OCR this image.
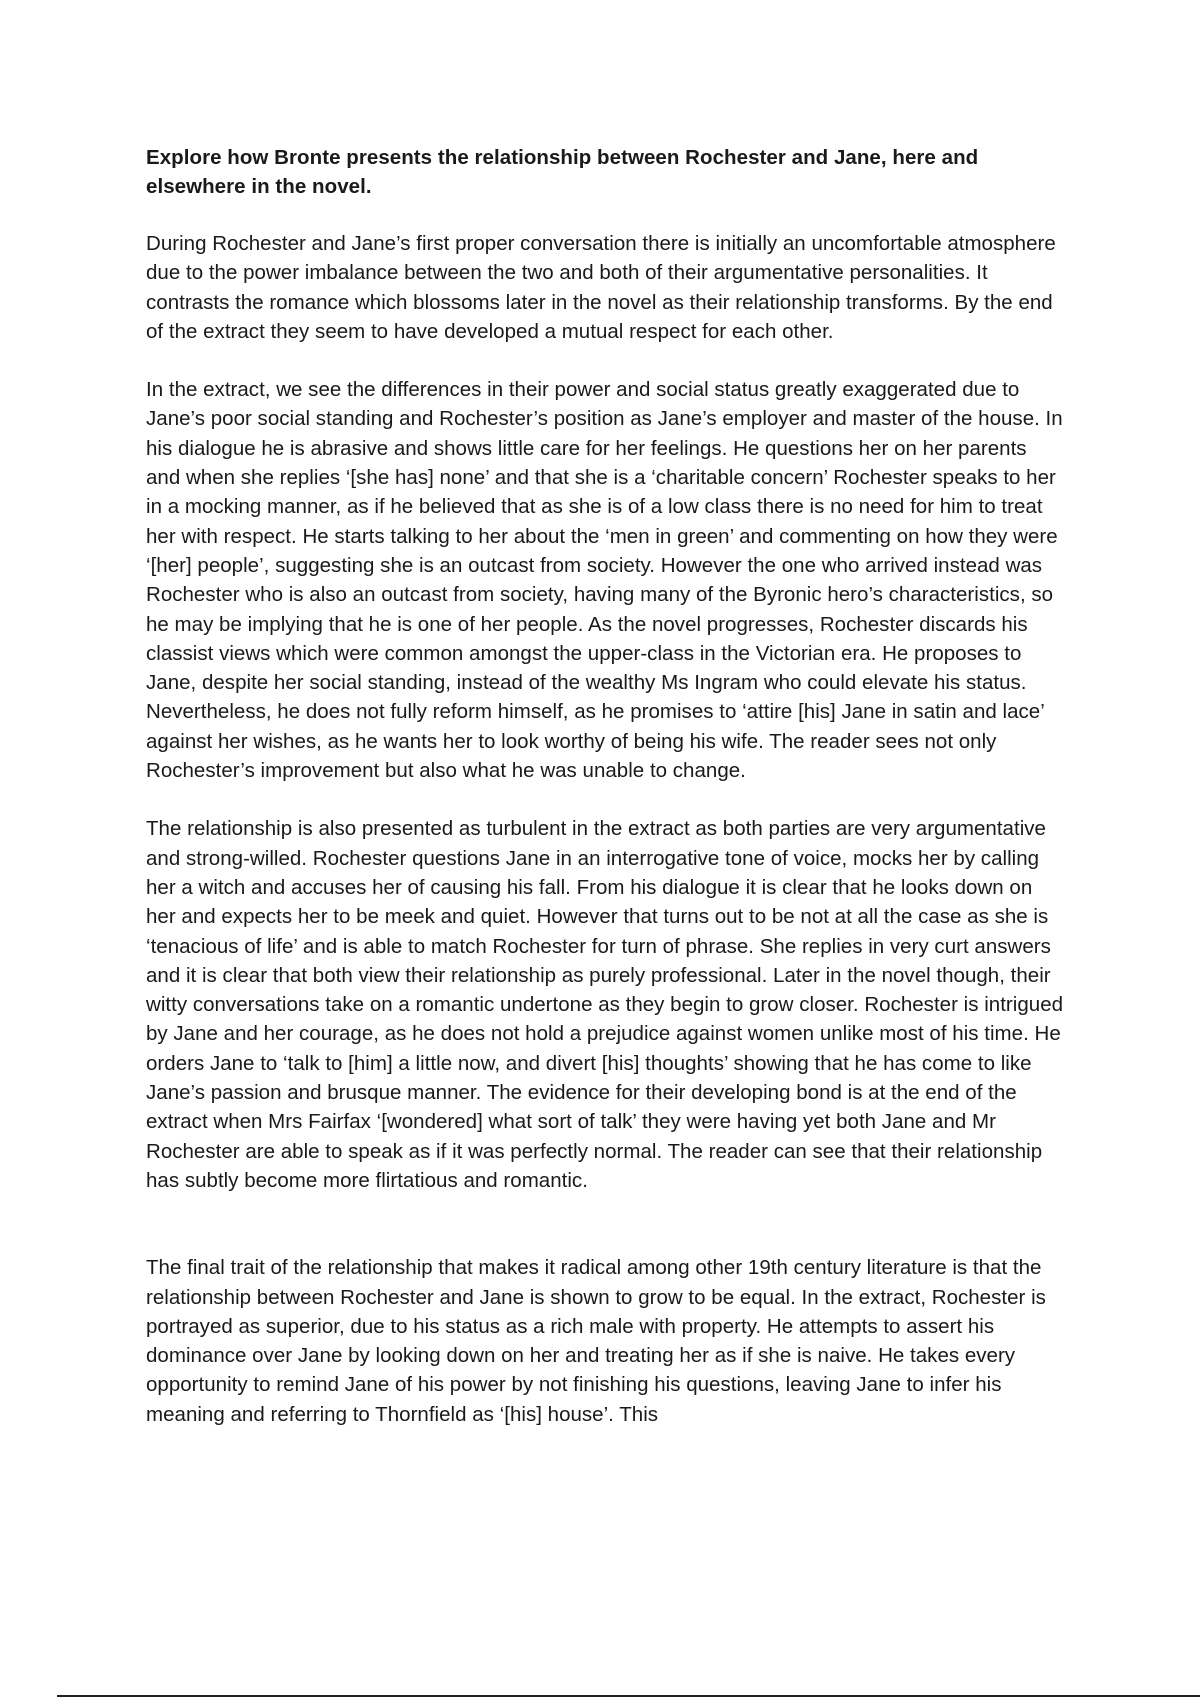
Explore how Bronte presents the relationship between Rochester and Jane, here and elsewhere in the novel.

During Rochester and Jane’s first proper conversation there is initially an uncomfortable atmosphere due to the power imbalance between the two and both of their argumentative personalities. It contrasts the romance which blossoms later in the novel as their relationship transforms. By the end of the extract they seem to have developed a mutual respect for each other.

In the extract, we see the differences in their power and social status greatly exaggerated due to Jane’s poor social standing and Rochester’s position as Jane’s employer and master of the house. In his dialogue he is abrasive and shows little care for her feelings. He questions her on her parents and when she replies ‘[she has] none’ and that she is a ‘charitable concern’ Rochester speaks to her in a mocking manner, as if he believed that as she is of a low class there is no need for him to treat her with respect. He starts talking to her about the ‘men in green’ and commenting on how they were ‘[her] people’, suggesting she is an outcast from society. However the one who arrived instead was Rochester who is also an outcast from society, having many of the Byronic hero’s characteristics, so he may be implying that he is one of her people. As the novel progresses, Rochester discards his classist views which were common amongst the upper-class in the Victorian era. He proposes to Jane, despite her social standing, instead of the wealthy Ms Ingram who could elevate his status. Nevertheless, he does not fully reform himself, as he promises to ‘attire [his] Jane in satin and lace’ against her wishes, as he wants her to look worthy of being his wife. The reader sees not only Rochester’s improvement but also what he was unable to change.

The relationship is also presented as turbulent in the extract as both parties are very argumentative and strong-willed. Rochester questions Jane in an interrogative tone of voice, mocks her by calling her a witch and accuses her of causing his fall. From his dialogue it is clear that he looks down on her and expects her to be meek and quiet. However that turns out to be not at all the case as she is ‘tenacious of life’ and is able to match Rochester for turn of phrase. She replies in very curt answers and it is clear that both view their relationship as purely professional. Later in the novel though, their witty conversations take on a romantic undertone as they begin to grow closer. Rochester is intrigued by Jane and her courage, as he does not hold a prejudice against women unlike most of his time. He orders Jane to ‘talk to [him] a little now, and divert [his] thoughts’ showing that he has come to like Jane’s passion and brusque manner. The evidence for their developing bond is at the end of the extract when Mrs Fairfax ‘[wondered] what sort of talk’ they were having yet both Jane and Mr Rochester are able to speak as if it was perfectly normal. The reader can see that their relationship has subtly become more flirtatious and romantic.

The final trait of the relationship that makes it radical among other 19th century literature is that the relationship between Rochester and Jane is shown to grow to be equal. In the extract, Rochester is portrayed as superior, due to his status as a rich male with property. He attempts to assert his dominance over Jane by looking down on her and treating her as if she is naive. He takes every opportunity to remind Jane of his power by not finishing his questions, leaving Jane to infer his meaning and referring to Thornfield as ‘[his] house’. This
